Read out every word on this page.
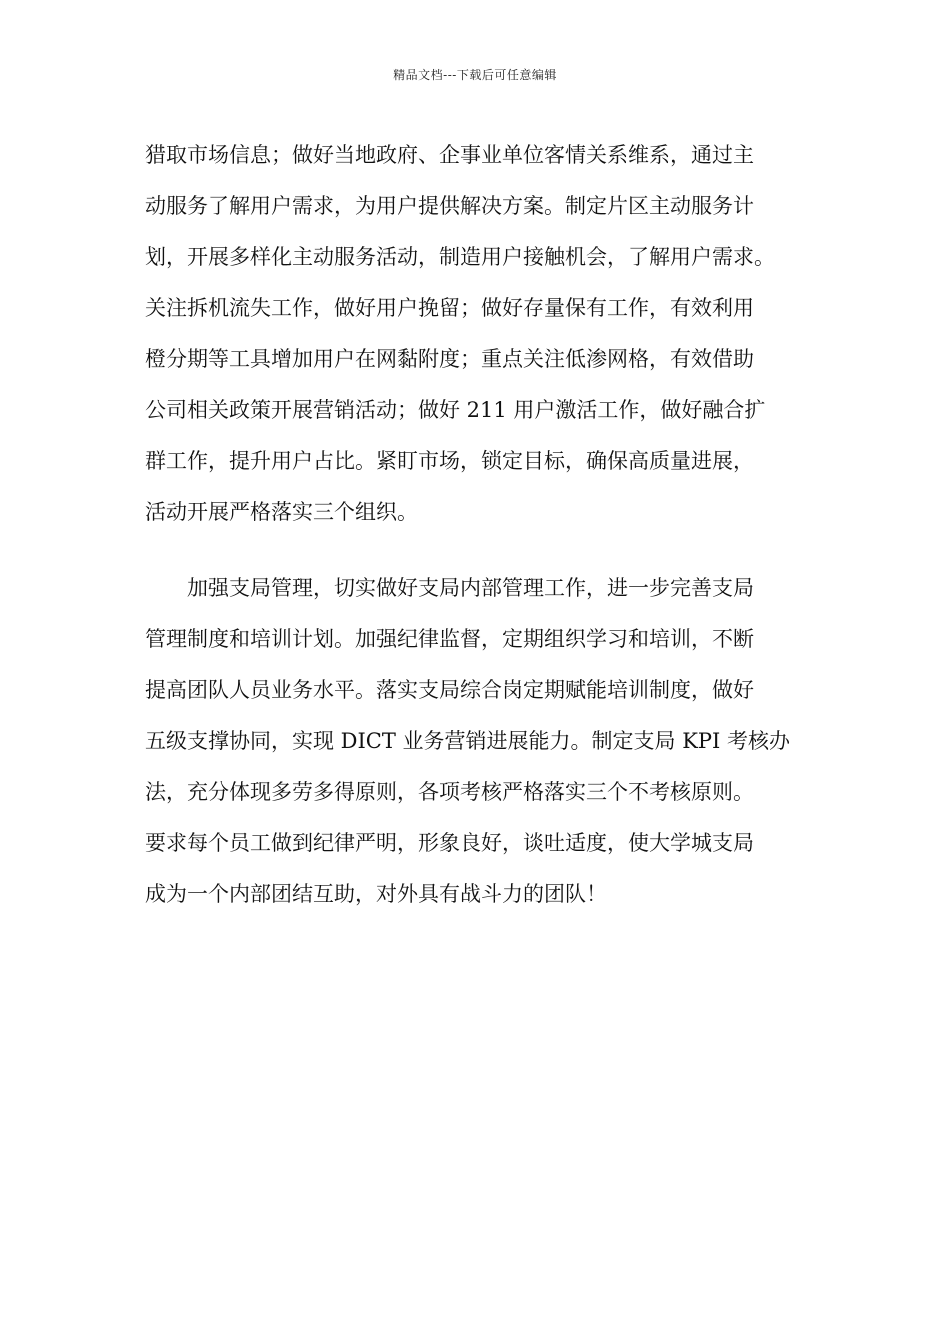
精品文档---下载后可任意编辑
猎取市场信息；做好当地政府、企事业单位客情关系维系，通过主
动服务了解用户需求，为用户提供解决方案。制定片区主动服务计
划，开展多样化主动服务活动，制造用户接触机会，了解用户需求。
关注拆机流失工作，做好用户挽留；做好存量保有工作，有效利用
橙分期等工具增加用户在网黏附度；重点关注低渗网格，有效借助
公司相关政策开展营销活动；做好 211 用户激活工作，做好融合扩
群工作，提升用户占比。紧盯市场，锁定目标，确保高质量进展，
活动开展严格落实三个组织。
　　加强支局管理，切实做好支局内部管理工作，进一步完善支局
管理制度和培训计划。加强纪律监督，定期组织学习和培训，不断
提高团队人员业务水平。落实支局综合岗定期赋能培训制度，做好
五级支撑协同，实现 DICT 业务营销进展能力。制定支局 KPI 考核办
法，充分体现多劳多得原则，各项考核严格落实三个不考核原则。
要求每个员工做到纪律严明，形象良好，谈吐适度，使大学城支局
成为一个内部团结互助，对外具有战斗力的团队！
